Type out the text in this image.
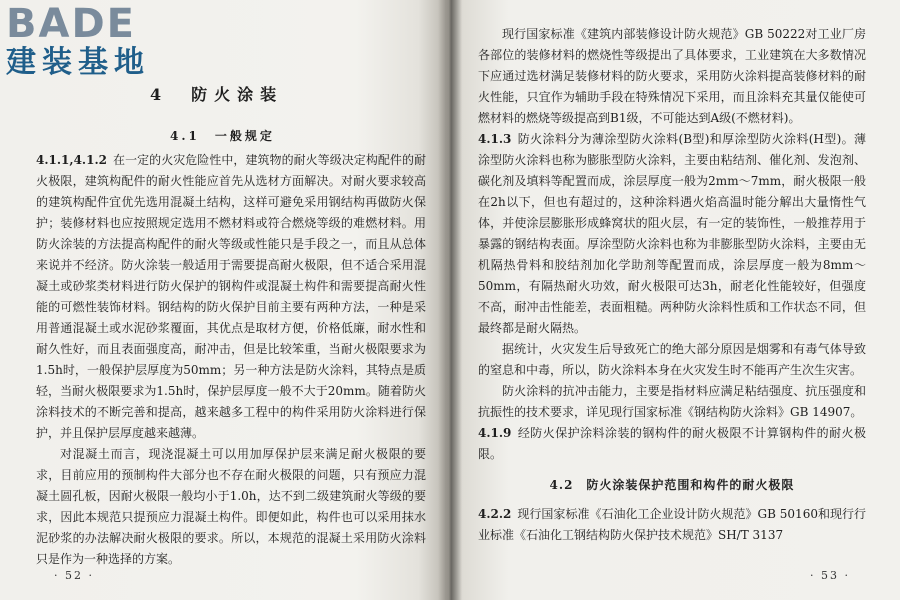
BADE
建装基地
4　防火涂装
4.1　一般规定

4.1.1,4.1.2 在一定的火灾危险性中，建筑物的耐火等级决定构配件的耐火极限，建筑构配件的耐火性能应首先从选材方面解决。对耐火要求较高的建筑构配件宜优先选用混凝土结构，这样可避免采用钢结构再做防火保护；装修材料也应按照规定选用不燃材料或符合燃烧等级的难燃材料。用防火涂装的方法提高构配件的耐火等级或性能只是手段之一，而且从总体来说并不经济。防火涂装一般适用于需要提高耐火极限，但不适合采用混凝土或砂浆类材料进行防火保护的钢构件或混凝土构件和需要提高耐火性能的可燃性装饰材料。钢结构的防火保护目前主要有两种方法，一种是采用普通混凝土或水泥砂浆覆面，其优点是取材方便，价格低廉，耐水性和耐久性好，而且表面强度高，耐冲击，但是比较笨重，当耐火极限要求为1.5h时，一般保护层厚度为50mm；另一种方法是防火涂料，其特点是质轻，当耐火极限要求为1.5h时，保护层厚度一般不大于20mm。随着防火涂料技术的不断完善和提高，越来越多工程中的构件采用防火涂料进行保护，并且保护层厚度越来越薄。

对混凝土而言，现浇混凝土可以用加厚保护层来满足耐火极限的要求，目前应用的预制构件大部分也不存在耐火极限的问题，只有预应力混凝土圆孔板，因耐火极限一般均小于1.0h，达不到二级建筑耐火等级的要求，因此本规范只提预应力混凝土构件。即便如此，构件也可以采用抹水泥砂浆的办法解决耐火极限的要求。所以，本规范的混凝土采用防火涂料只是作为一种选择的方案。

· 52 ·

现行国家标准《建筑内部装修设计防火规范》GB 50222对工业厂房各部位的装修材料的燃烧性等级提出了具体要求，工业建筑在大多数情况下应通过选材满足装修材料的防火要求，采用防火涂料提高装修材料的耐火性能，只宜作为辅助手段在特殊情况下采用，而且涂料充其量仅能使可燃材料的燃烧等级提高到B1级，不可能达到A级(不燃材料)。

4.1.3 防火涂料分为薄涂型防火涂料(B型)和厚涂型防火涂料(H型)。薄涂型防火涂料也称为膨胀型防火涂料，主要由粘结剂、催化剂、发泡剂、碳化剂及填料等配置而成，涂层厚度一般为2mm～7mm，耐火极限一般在2h以下，但也有超过的，这种涂料遇火焰高温时能分解出大量惰性气体，并使涂层膨胀形成蜂窝状的阻火层，有一定的装饰性，一般推荐用于暴露的钢结构表面。厚涂型防火涂料也称为非膨胀型防火涂料，主要由无机隔热骨料和胶结剂加化学助剂等配置而成，涂层厚度一般为8mm～50mm，有隔热耐火功效，耐火极限可达3h，耐老化性能较好，但强度不高，耐冲击性能差，表面粗糙。两种防火涂料性质和工作状态不同，但最终都是耐火隔热。

据统计，火灾发生后导致死亡的绝大部分原因是烟雾和有毒气体导致的窒息和中毒，所以，防火涂料本身在火灾发生时不能再产生次生灾害。

防火涂料的抗冲击能力，主要是指材料应满足粘结强度、抗压强度和抗振性的技术要求，详见现行国家标准《钢结构防火涂料》GB 14907。

4.1.9 经防火保护涂料涂装的钢构件的耐火极限不计算钢构件的耐火极限。

4.2　防火涂装保护范围和构件的耐火极限

4.2.2 现行国家标准《石油化工企业设计防火规范》GB 50160和现行行业标准《石油化工钢结构防火保护技术规范》SH/T 3137

· 53 ·
